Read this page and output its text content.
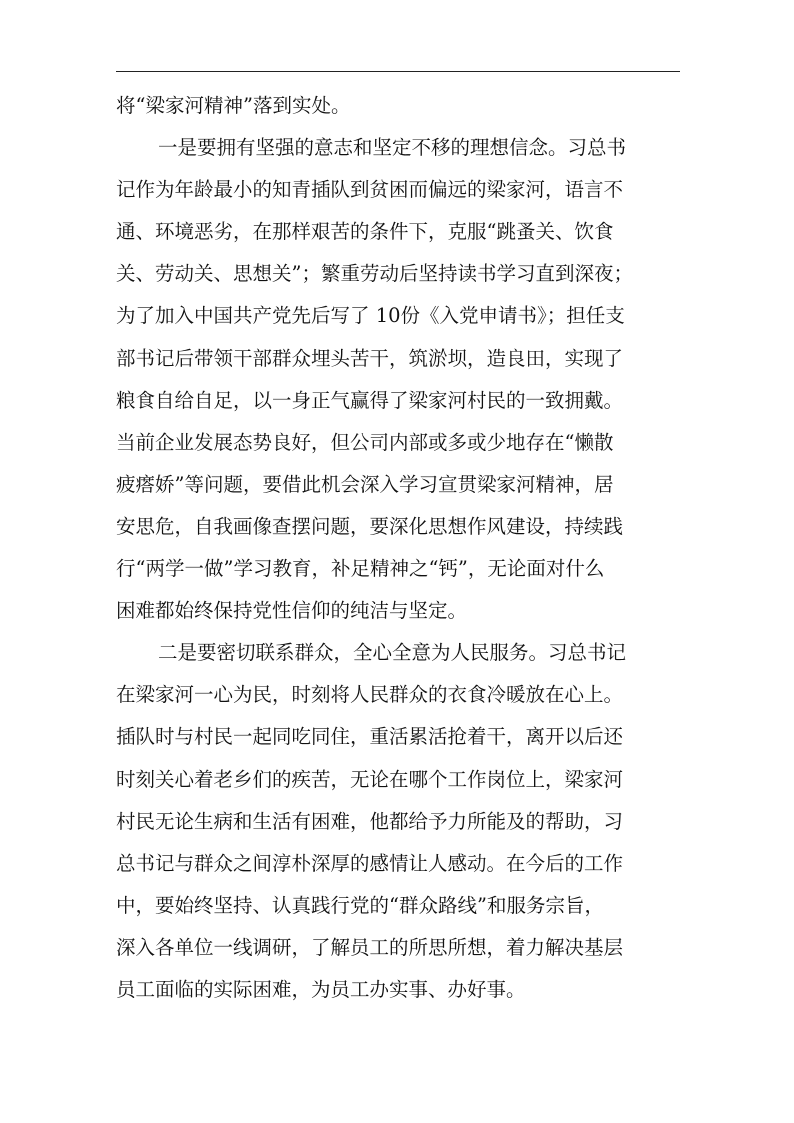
将“梁家河精神”落到实处。
一是要拥有坚强的意志和坚定不移的理想信念。习总书
记作为年龄最小的知青插队到贫困而偏远的梁家河，语言不
通、环境恶劣，在那样艰苦的条件下，克服“跳蚤关、饮食
关、劳动关、思想关”；繁重劳动后坚持读书学习直到深夜；
为了加入中国共产党先后写了 10份《入党申请书》；担任支
部书记后带领干部群众埋头苦干，筑淤坝，造良田，实现了
粮食自给自足，以一身正气赢得了梁家河村民的一致拥戴。
当前企业发展态势良好，但公司内部或多或少地存在“懒散
疲瘩娇”等问题，要借此机会深入学习宣贯梁家河精神，居
安思危，自我画像查摆问题，要深化思想作风建设，持续践
行“两学一做”学习教育，补足精神之“钙”，无论面对什么
困难都始终保持党性信仰的纯洁与坚定。
二是要密切联系群众，全心全意为人民服务。习总书记
在梁家河一心为民，时刻将人民群众的衣食冷暖放在心上。
插队时与村民一起同吃同住，重活累活抢着干，离开以后还
时刻关心着老乡们的疾苦，无论在哪个工作岗位上，梁家河
村民无论生病和生活有困难，他都给予力所能及的帮助，习
总书记与群众之间淳朴深厚的感情让人感动。在今后的工作
中，要始终坚持、认真践行党的“群众路线”和服务宗旨，
深入各单位一线调研，了解员工的所思所想，着力解决基层
员工面临的实际困难，为员工办实事、办好事。
